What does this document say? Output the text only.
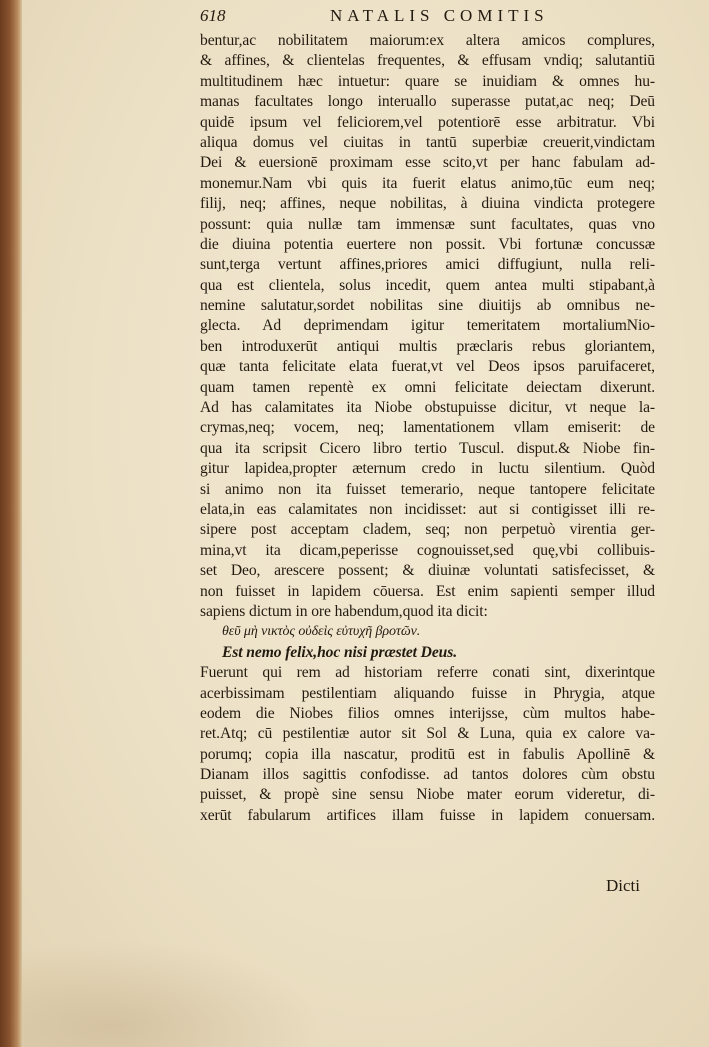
618	NATALIS COMITIS
bentur,ac nobilitatem maiorum:ex altera amicos complures,
& affines, & clientelas frequentes, & effusam vndiq; salutantiū
multitudinem hæc intuetur: quare se inuidiam & omnes hu-
manas facultates longo interuallo superasse putat,ac neq; Deū
quidē ipsum vel feliciorem,vel potentiorē esse arbitratur. Vbi
aliqua domus vel ciuitas in tantū superbiæ creuerit,vindictam
Dei & euersionē proximam esse scito,vt per hanc fabulam ad-
monemur.Nam vbi quis ita fuerit elatus animo,tūc eum neq;
filij, neq; affines, neque nobilitas, à diuina vindicta protegere
possunt: quia nullæ tam immensæ sunt facultates, quas vno
die diuina potentia euertere non possit. Vbi fortunæ concussæ
sunt,terga vertunt affines,priores amici diffugiunt, nulla reli-
qua est clientela, solus incedit, quem antea multi stipabant,à
nemine salutatur,sordet nobilitas sine diuitijs ab omnibus ne-
glecta. Ad deprimendam igitur temeritatem mortaliumNio-
ben introduxerūt antiqui multis præclaris rebus gloriantem,
quæ tanta felicitate elata fuerat,vt vel Deos ipsos paruifaceret,
quam tamen repentè ex omni felicitate deiectam dixerunt.
Ad has calamitates ita Niobe obstupuisse dicitur, vt neque la-
crymas,neq; vocem, neq; lamentationem vllam emiserit: de
qua ita scripsit Cicero libro tertio Tuscul. disput.& Niobe fin-
gitur lapidea,propter æternum credo in luctu silentium. Quòd
si animo non ita fuisset temerario, neque tantopere felicitate
elata,in eas calamitates non incidisset: aut si contigisset illi re-
sipere post acceptam cladem, seq; non perpetuò virentia ger-
mina,vt ita dicam,peperisse cognouisset,sed quę,vbi collibuis-
set Deo, arescere possent; & diuinæ voluntati satisfecisset, &
non fuisset in lapidem cōuersa. Est enim sapienti semper illud
sapiens dictum in ore habendum,quod ita dicit:
θεῦ μὴ νικτὸς οὐδεὶς εὐτυχῆ βροτῶν.
Est nemo felix,hoc nisi præstet Deus.
Fuerunt qui rem ad historiam referre conati sint, dixerintque
acerbissimam pestilentiam aliquando fuisse in Phrygia, atque
eodem die Niobes filios omnes interijsse, cùm multos habe-
ret.Atq; cū pestilentiæ autor sit Sol & Luna, quia ex calore va-
porumq; copia illa nascatur, proditū est in fabulis Apollinē &
Dianam illos sagittis confodisse. ad tantos dolores cùm obstu
puisset, & propè sine sensu Niobe mater eorum videretur, di-
xerūt fabularum artifices illam fuisse in lapidem conuersam.
Dicti
